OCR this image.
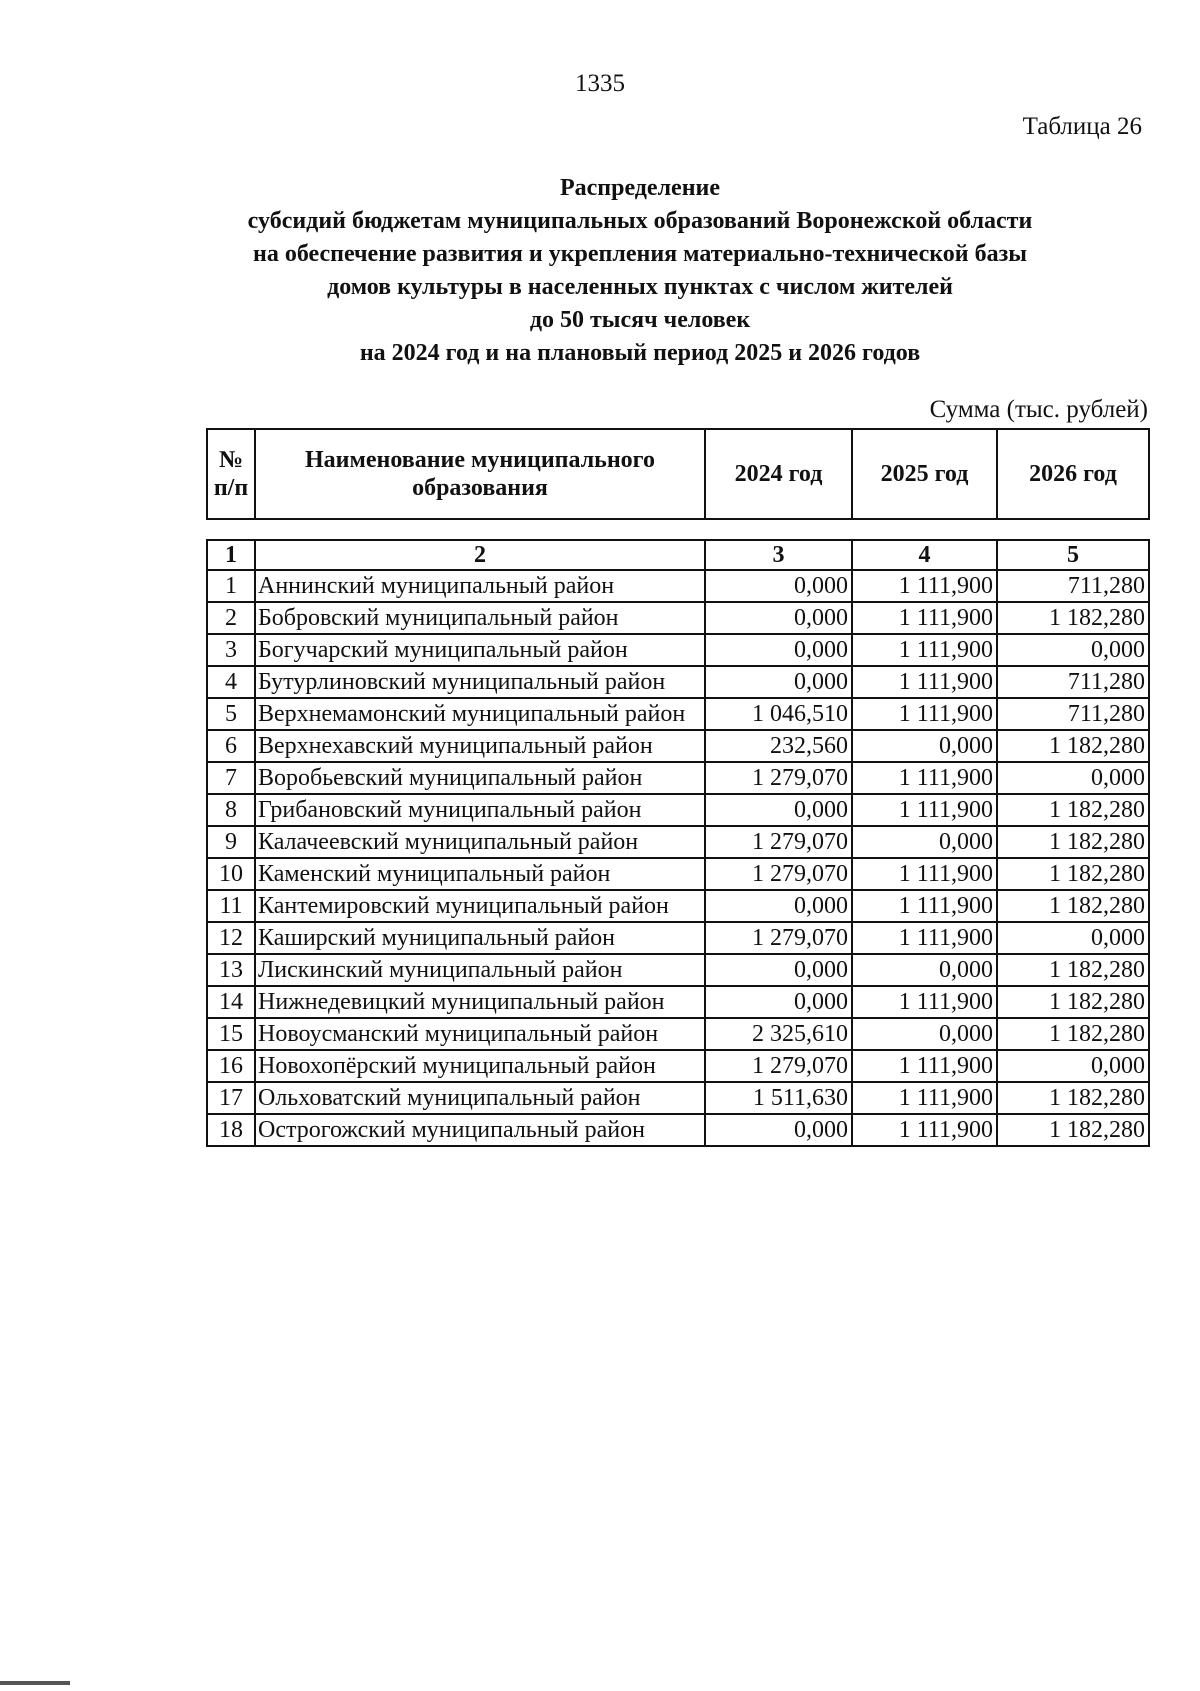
1335
Таблица 26
Распределение
субсидий бюджетам муниципальных образований Воронежской области
на обеспечение развития и укрепления материально-технической базы
домов культуры в населенных пунктах с числом жителей
до 50 тысяч человек
на 2024 год и на плановый период 2025 и 2026 годов
Сумма (тыс. рублей)
№ п/п	Наименование муниципального образования	2024 год	2025 год	2026 год
1	2	3	4	5
1	Аннинский муниципальный район	0,000	1 111,900	711,280
2	Бобровский муниципальный район	0,000	1 111,900	1 182,280
3	Богучарский муниципальный район	0,000	1 111,900	0,000
4	Бутурлиновский муниципальный район	0,000	1 111,900	711,280
5	Верхнемамонский муниципальный район	1 046,510	1 111,900	711,280
6	Верхнехавский муниципальный район	232,560	0,000	1 182,280
7	Воробьевский муниципальный район	1 279,070	1 111,900	0,000
8	Грибановский муниципальный район	0,000	1 111,900	1 182,280
9	Калачеевский муниципальный район	1 279,070	0,000	1 182,280
10	Каменский муниципальный район	1 279,070	1 111,900	1 182,280
11	Кантемировский муниципальный район	0,000	1 111,900	1 182,280
12	Каширский муниципальный район	1 279,070	1 111,900	0,000
13	Лискинский муниципальный район	0,000	0,000	1 182,280
14	Нижнедевицкий муниципальный район	0,000	1 111,900	1 182,280
15	Новоусманский муниципальный район	2 325,610	0,000	1 182,280
16	Новохопёрский муниципальный район	1 279,070	1 111,900	0,000
17	Ольховатский муниципальный район	1 511,630	1 111,900	1 182,280
18	Острогожский муниципальный район	0,000	1 111,900	1 182,280
